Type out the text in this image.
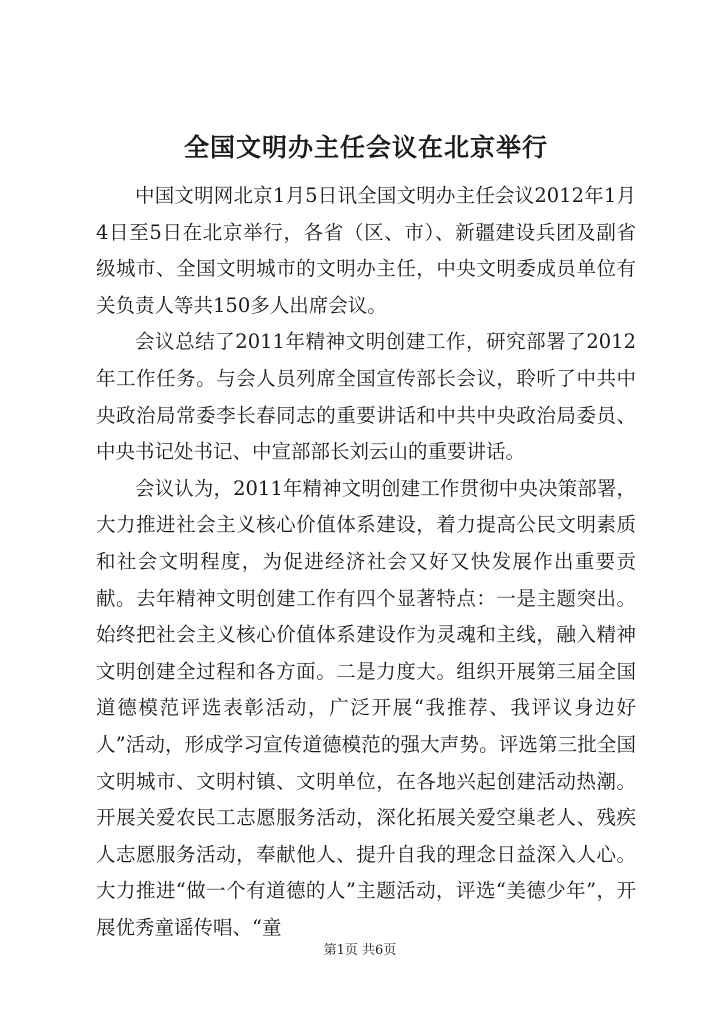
全国文明办主任会议在北京举行

中国文明网北京1月5日讯全国文明办主任会议2012年1月4日至5日在北京举行，各省（区、市）、新疆建设兵团及副省级城市、全国文明城市的文明办主任，中央文明委成员单位有关负责人等共150多人出席会议。

会议总结了2011年精神文明创建工作，研究部署了2012年工作任务。与会人员列席全国宣传部长会议，聆听了中共中央政治局常委李长春同志的重要讲话和中共中央政治局委员、中央书记处书记、中宣部部长刘云山的重要讲话。

会议认为，2011年精神文明创建工作贯彻中央决策部署，大力推进社会主义核心价值体系建设，着力提高公民文明素质和社会文明程度，为促进经济社会又好又快发展作出重要贡献。去年精神文明创建工作有四个显著特点：一是主题突出。始终把社会主义核心价值体系建设作为灵魂和主线，融入精神文明创建全过程和各方面。二是力度大。组织开展第三届全国道德模范评选表彰活动，广泛开展“我推荐、我评议身边好人”活动，形成学习宣传道德模范的强大声势。评选第三批全国文明城市、文明村镇、文明单位，在各地兴起创建活动热潮。开展关爱农民工志愿服务活动，深化拓展关爱空巢老人、残疾人志愿服务活动，奉献他人、提升自我的理念日益深入人心。大力推进“做一个有道德的人”主题活动，评选“美德少年”，开展优秀童谣传唱、“童

第1页 共6页
